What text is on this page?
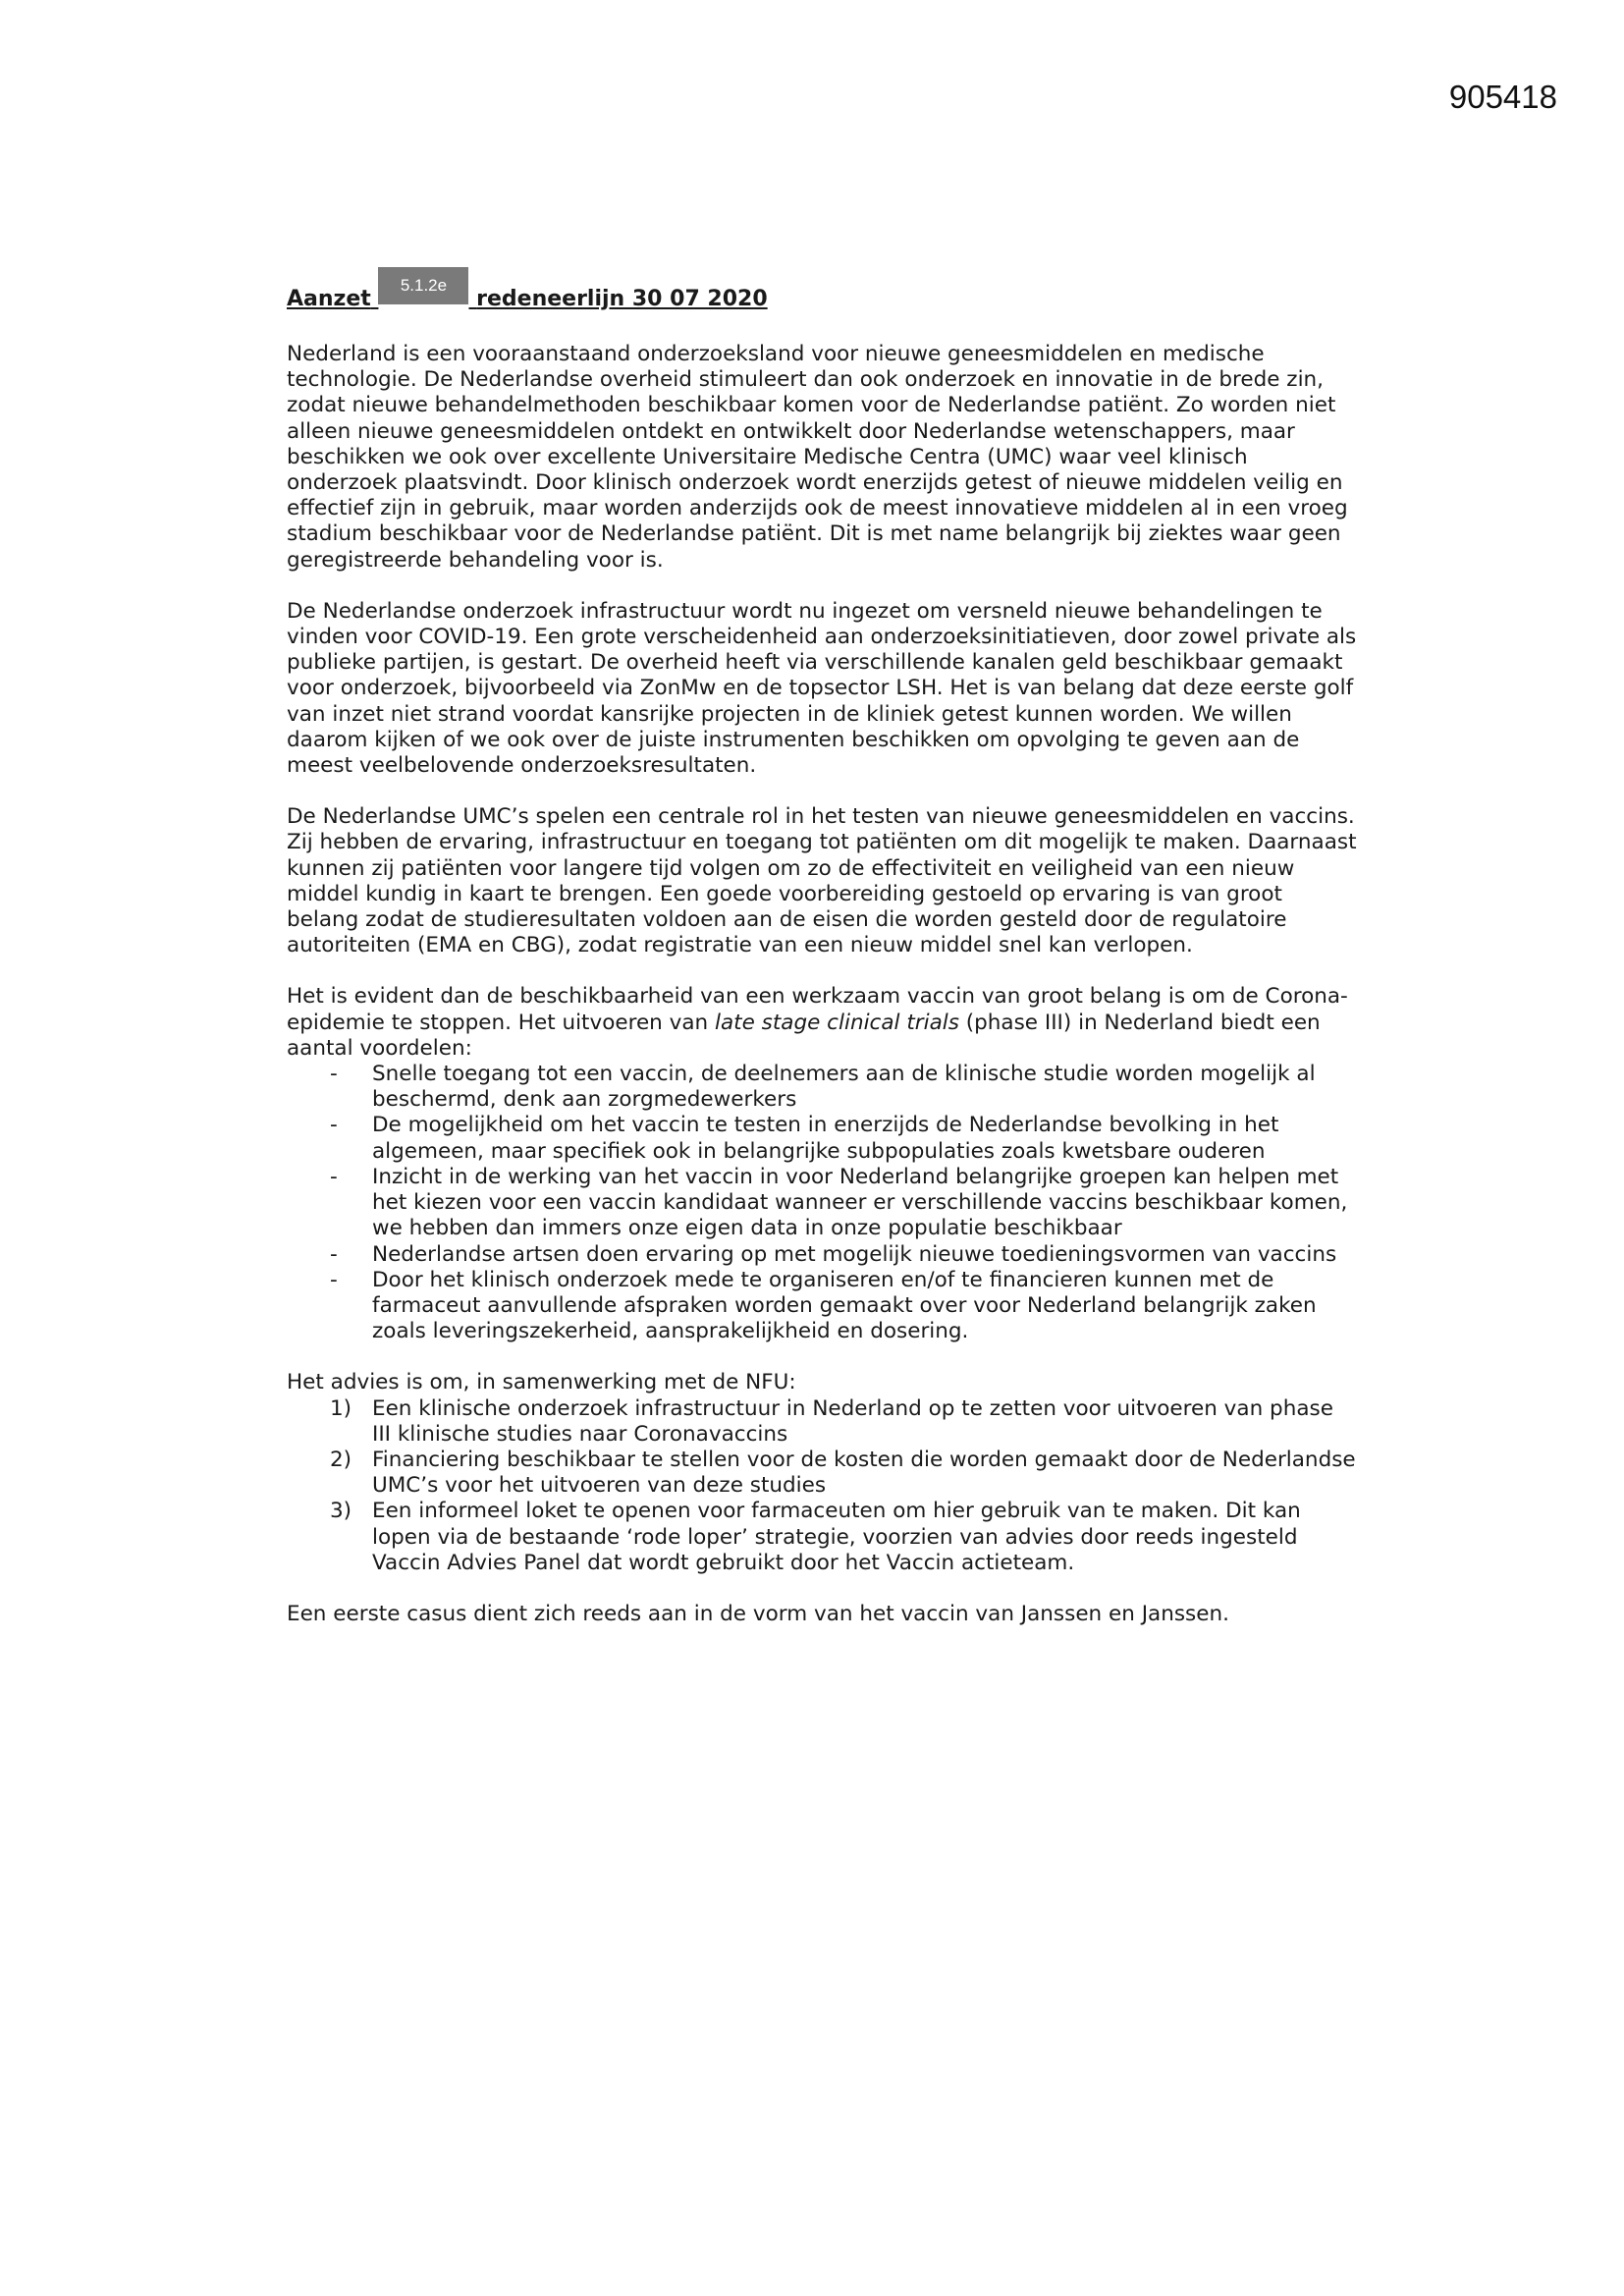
905418
Aanzet 5.1.2e redeneerlijn 30 07 2020

Nederland is een vooraanstaand onderzoeksland voor nieuwe geneesmiddelen en medische technologie. De Nederlandse overheid stimuleert dan ook onderzoek en innovatie in de brede zin, zodat nieuwe behandelmethoden beschikbaar komen voor de Nederlandse patiënt. Zo worden niet alleen nieuwe geneesmiddelen ontdekt en ontwikkelt door Nederlandse wetenschappers, maar beschikken we ook over excellente Universitaire Medische Centra (UMC) waar veel klinisch onderzoek plaatsvindt. Door klinisch onderzoek wordt enerzijds getest of nieuwe middelen veilig en effectief zijn in gebruik, maar worden anderzijds ook de meest innovatieve middelen al in een vroeg stadium beschikbaar voor de Nederlandse patiënt. Dit is met name belangrijk bij ziektes waar geen geregistreerde behandeling voor is.

De Nederlandse onderzoek infrastructuur wordt nu ingezet om versneld nieuwe behandelingen te vinden voor COVID-19. Een grote verscheidenheid aan onderzoeksinitiatieven, door zowel private als publieke partijen, is gestart. De overheid heeft via verschillende kanalen geld beschikbaar gemaakt voor onderzoek, bijvoorbeeld via ZonMw en de topsector LSH. Het is van belang dat deze eerste golf van inzet niet strand voordat kansrijke projecten in de kliniek getest kunnen worden. We willen daarom kijken of we ook over de juiste instrumenten beschikken om opvolging te geven aan de meest veelbelovende onderzoeksresultaten.

De Nederlandse UMC’s spelen een centrale rol in het testen van nieuwe geneesmiddelen en vaccins. Zij hebben de ervaring, infrastructuur en toegang tot patiënten om dit mogelijk te maken. Daarnaast kunnen zij patiënten voor langere tijd volgen om zo de effectiviteit en veiligheid van een nieuw middel kundig in kaart te brengen. Een goede voorbereiding gestoeld op ervaring is van groot belang zodat de studieresultaten voldoen aan de eisen die worden gesteld door de regulatoire autoriteiten (EMA en CBG), zodat registratie van een nieuw middel snel kan verlopen.

Het is evident dan de beschikbaarheid van een werkzaam vaccin van groot belang is om de Corona-epidemie te stoppen. Het uitvoeren van late stage clinical trials (phase III) in Nederland biedt een aantal voordelen:

- Snelle toegang tot een vaccin, de deelnemers aan de klinische studie worden mogelijk al beschermd, denk aan zorgmedewerkers
- De mogelijkheid om het vaccin te testen in enerzijds de Nederlandse bevolking in het algemeen, maar specifiek ook in belangrijke subpopulaties zoals kwetsbare ouderen
- Inzicht in de werking van het vaccin in voor Nederland belangrijke groepen kan helpen met het kiezen voor een vaccin kandidaat wanneer er verschillende vaccins beschikbaar komen, we hebben dan immers onze eigen data in onze populatie beschikbaar
- Nederlandse artsen doen ervaring op met mogelijk nieuwe toedieningsvormen van vaccins
- Door het klinisch onderzoek mede te organiseren en/of te financieren kunnen met de farmaceut aanvullende afspraken worden gemaakt over voor Nederland belangrijk zaken zoals leveringszekerheid, aansprakelijkheid en dosering.

Het advies is om, in samenwerking met de NFU:

1) Een klinische onderzoek infrastructuur in Nederland op te zetten voor uitvoeren van phase III klinische studies naar Coronavaccins
2) Financiering beschikbaar te stellen voor de kosten die worden gemaakt door de Nederlandse UMC’s voor het uitvoeren van deze studies
3) Een informeel loket te openen voor farmaceuten om hier gebruik van te maken. Dit kan lopen via de bestaande ‘rode loper’ strategie, voorzien van advies door reeds ingesteld Vaccin Advies Panel dat wordt gebruikt door het Vaccin actieteam.

Een eerste casus dient zich reeds aan in de vorm van het vaccin van Janssen en Janssen.
